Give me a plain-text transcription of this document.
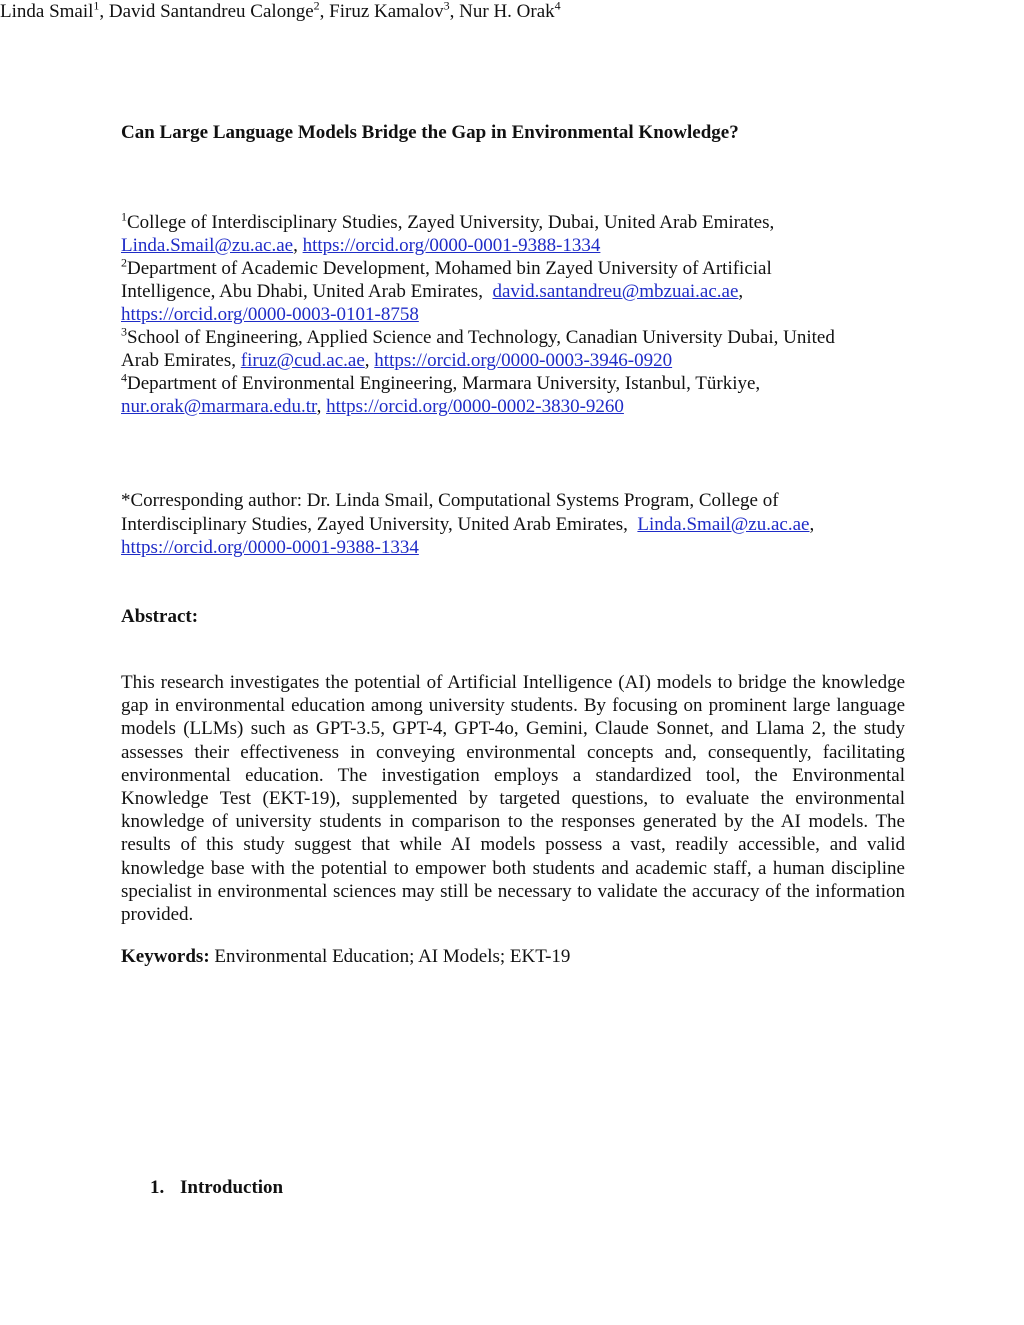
Can Large Language Models Bridge the Gap in Environmental Knowledge?
Linda Smail$^1$, David Santandreu Calonge$^2$, Firuz Kamalov$^3$, Nur H. Orak$^4$
$^1$College of Interdisciplinary Studies, Zayed University, Dubai, United Arab Emirates,
Linda.Smail@zu.ac.ae, https://orcid.org/0000-0001-9388-1334
$^2$Department of Academic Development, Mohamed bin Zayed University of Artificial
Intelligence, Abu Dhabi, United Arab Emirates,  david.santandreu@mbzuai.ac.ae,
https://orcid.org/0000-0003-0101-8758
$^3$School of Engineering, Applied Science and Technology, Canadian University Dubai, United
Arab Emirates, firuz@cud.ac.ae, https://orcid.org/0000-0003-3946-0920
$^4$Department of Environmental Engineering, Marmara University, Istanbul, Türkiye,
nur.orak@marmara.edu.tr, https://orcid.org/0000-0002-3830-9260
*Corresponding author: Dr. Linda Smail, Computational Systems Program, College of
Interdisciplinary Studies, Zayed University, United Arab Emirates,  Linda.Smail@zu.ac.ae,
https://orcid.org/0000-0001-9388-1334
Abstract:
This research investigates the potential of Artificial Intelligence (AI) models to bridge the knowledge gap in environmental education among university students. By focusing on prominent large language models (LLMs) such as GPT-3.5, GPT-4, GPT-4o, Gemini, Claude Sonnet, and Llama 2, the study assesses their effectiveness in conveying environmental concepts and, consequently, facilitating environmental education. The investigation employs a standardized tool, the Environmental Knowledge Test (EKT-19), supplemented by targeted questions, to evaluate the environmental knowledge of university students in comparison to the responses generated by the AI models. The results of this study suggest that while AI models possess a vast, readily accessible, and valid knowledge base with the potential to empower both students and academic staff, a human discipline specialist in environmental sciences may still be necessary to validate the accuracy of the information provided.
Keywords: Environmental Education; AI Models; EKT-19
1. Introduction
